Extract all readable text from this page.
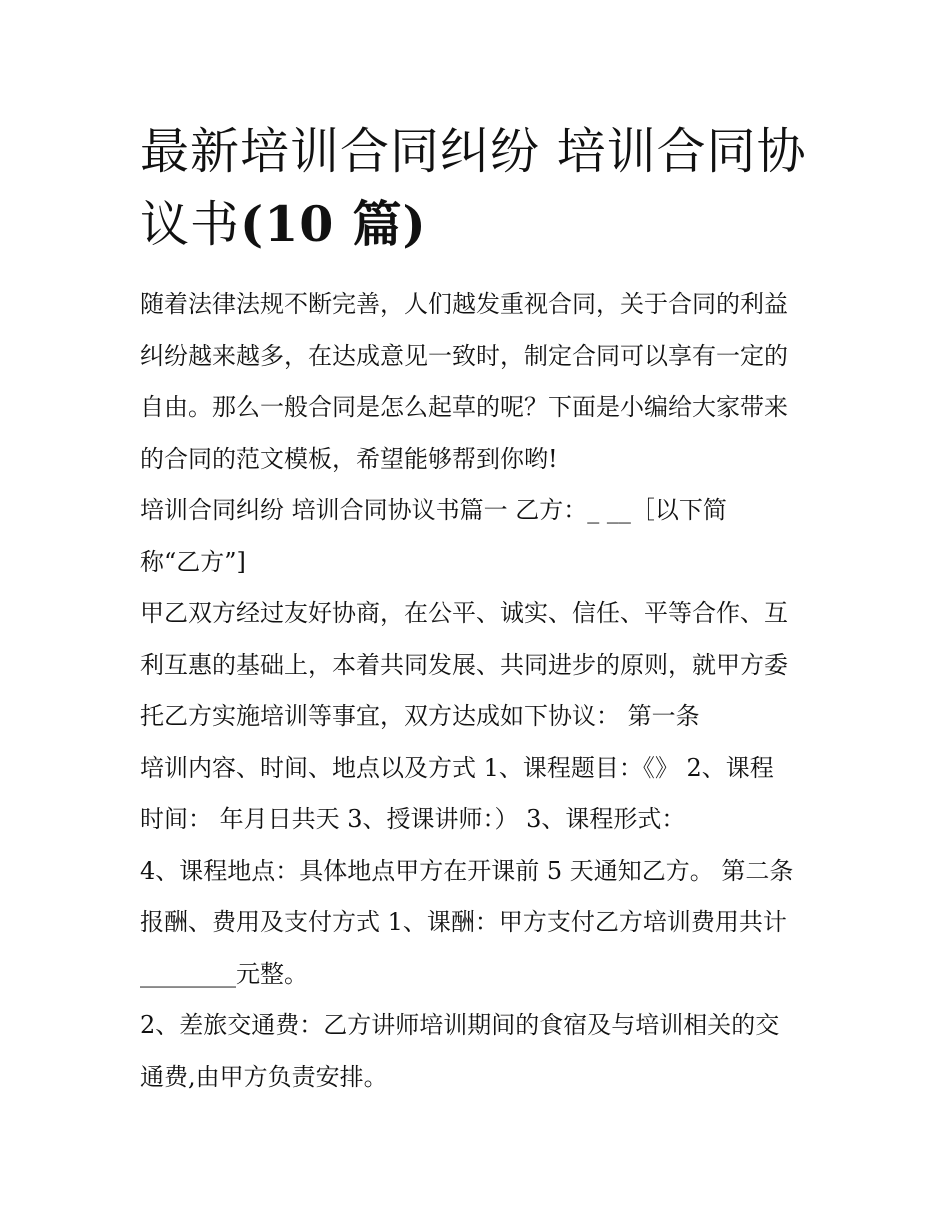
最新培训合同纠纷 培训合同协
议书(10 篇)
随着法律法规不断完善，人们越发重视合同，关于合同的利益
纠纷越来越多，在达成意见一致时，制定合同可以享有一定的
自由。那么一般合同是怎么起草的呢？下面是小编给大家带来
的合同的范文模板，希望能够帮到你哟!
培训合同纠纷 培训合同协议书篇一 乙方：_ __［以下简
称“乙方”]
甲乙双方经过友好协商，在公平、诚实、信任、平等合作、互
利互惠的基础上，本着共同发展、共同进步的原则，就甲方委
托乙方实施培训等事宜，双方达成如下协议： 第一条
培训内容、时间、地点以及方式 1、课程题目：《》 2、课程
时间： 年月日共天 3、授课讲师：） 3、课程形式：
4、课程地点：具体地点甲方在开课前 5 天通知乙方。 第二条
报酬、费用及支付方式 1、课酬：甲方支付乙方培训费用共计
________元整。
2、差旅交通费：乙方讲师培训期间的食宿及与培训相关的交
通费,由甲方负责安排。
